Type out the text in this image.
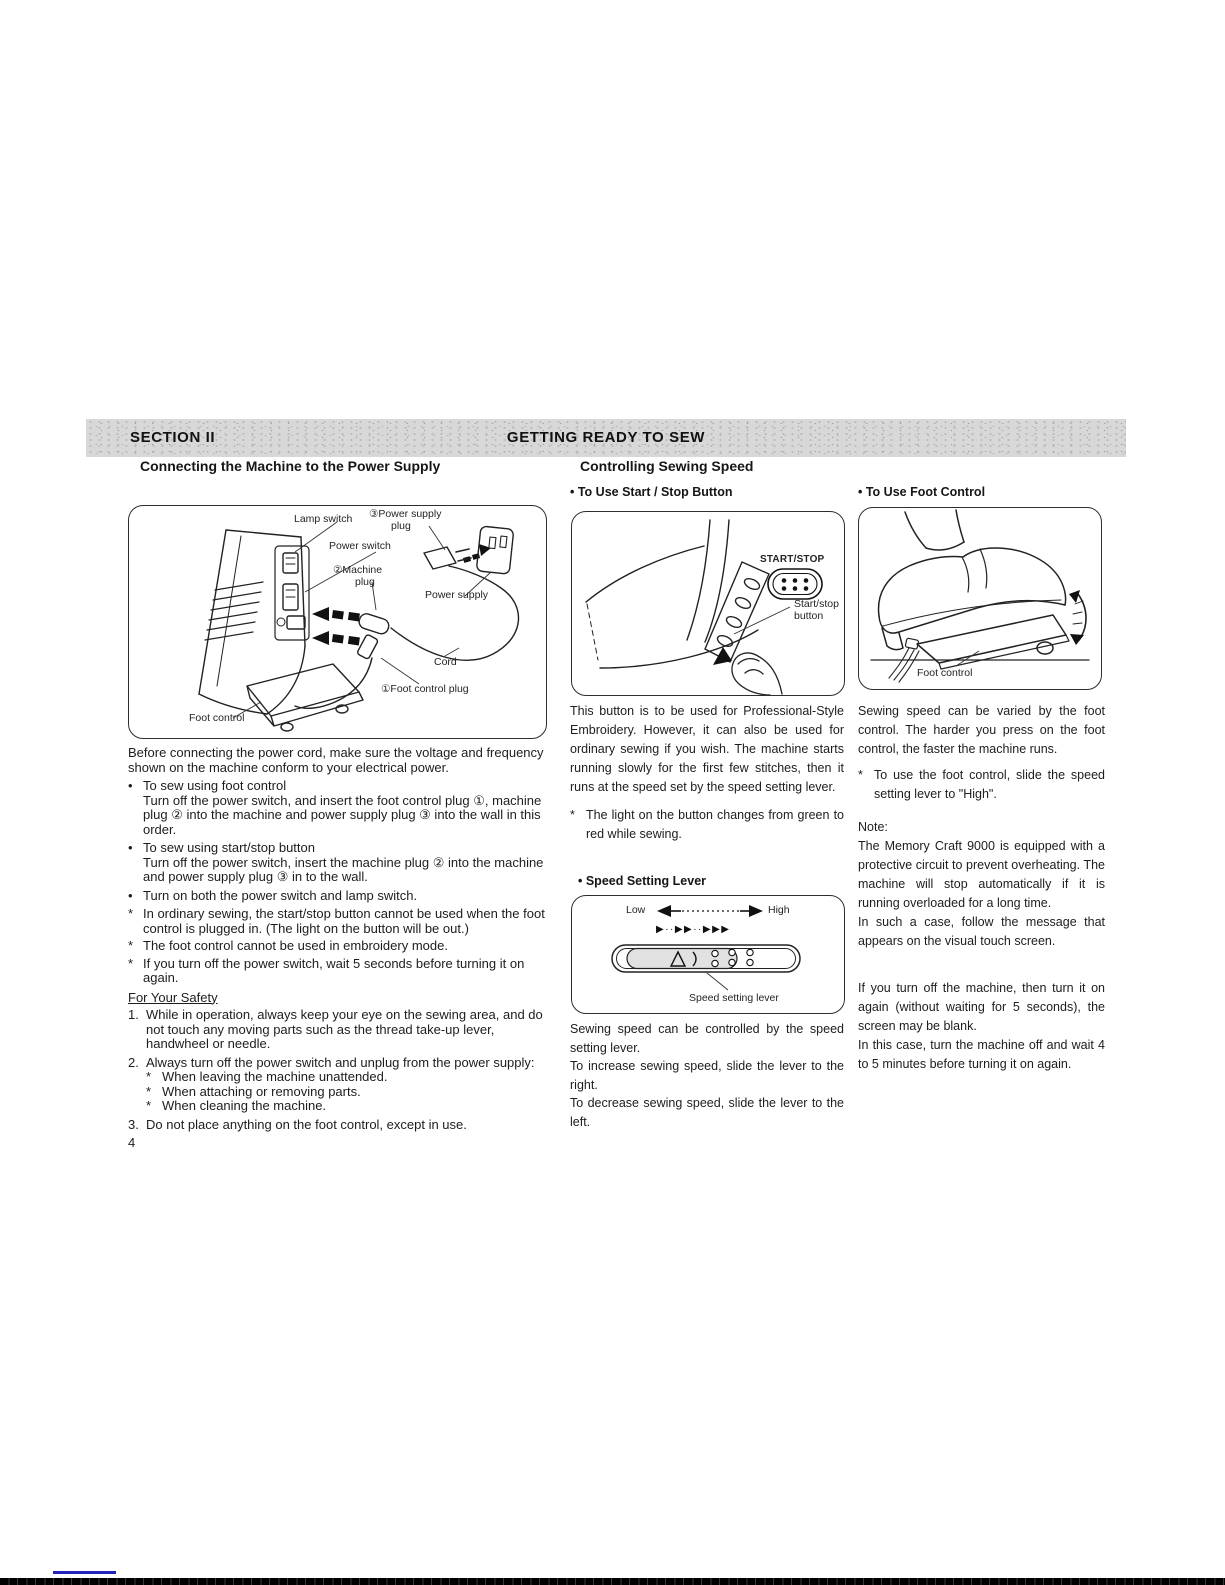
SECTION II	GETTING READY TO SEW
Connecting the Machine to the Power Supply	Controlling Sewing Speed
• To Use Start / Stop Button	• To Use Foot Control
Lamp switch ③Power supply
plug
Power switch
②Machine
plug
Power supply
Cord
①Foot control plug
Foot control

Before connecting the power cord, make sure the voltage and frequency shown on the machine conform to your electrical power.

• To sew using foot control
Turn off the power switch, and insert the foot control plug ①, machine plug ② into the machine and power supply plug ③ into the wall in this order.
• To sew using start/stop button
Turn off the power switch, insert the machine plug ② into the machine and power supply plug ③ in to the wall.
• Turn on both the power switch and lamp switch.
* In ordinary sewing, the start/stop button cannot be used when the foot control is plugged in. (The light on the button will be out.)
* The foot control cannot be used in embroidery mode.
* If you turn off the power switch, wait 5 seconds before turning it on again.
For Your Safety
1. While in operation, always keep your eye on the sewing area, and do not touch any moving parts such as the thread take-up lever, handwheel or needle.
2. Always turn off the power switch and unplug from the power supply:
* When leaving the machine unattended.
* When attaching or removing parts.
* When cleaning the machine.
3. Do not place anything on the foot control, except in use.
4
START/STOP
Start/stop
button
This button is to be used for Professional-Style Embroidery. However, it can also be used for ordinary sewing if you wish. The machine starts running slowly for the first few stitches, then it runs at the speed set by the speed setting lever.
* The light on the button changes from green to red while sewing.
• Speed Setting Lever
Low	High
▶··▶▶··▶▶▶
Speed setting lever
Sewing speed can be controlled by the speed setting lever.
To increase sewing speed, slide the lever to the right.
To decrease sewing speed, slide the lever to the left.
Foot control
Sewing speed can be varied by the foot control. The harder you press on the foot control, the faster the machine runs.
* To use the foot control, slide the speed setting lever to "High".
Note:
The Memory Craft 9000 is equipped with a protective circuit to prevent overheating. The machine will stop automatically if it is running overloaded for a long time.
In such a case, follow the message that appears on the visual touch screen.
If you turn off the machine, then turn it on again (without waiting for 5 seconds), the screen may be blank.
In this case, turn the machine off and wait 4 to 5 minutes before turning it on again.
